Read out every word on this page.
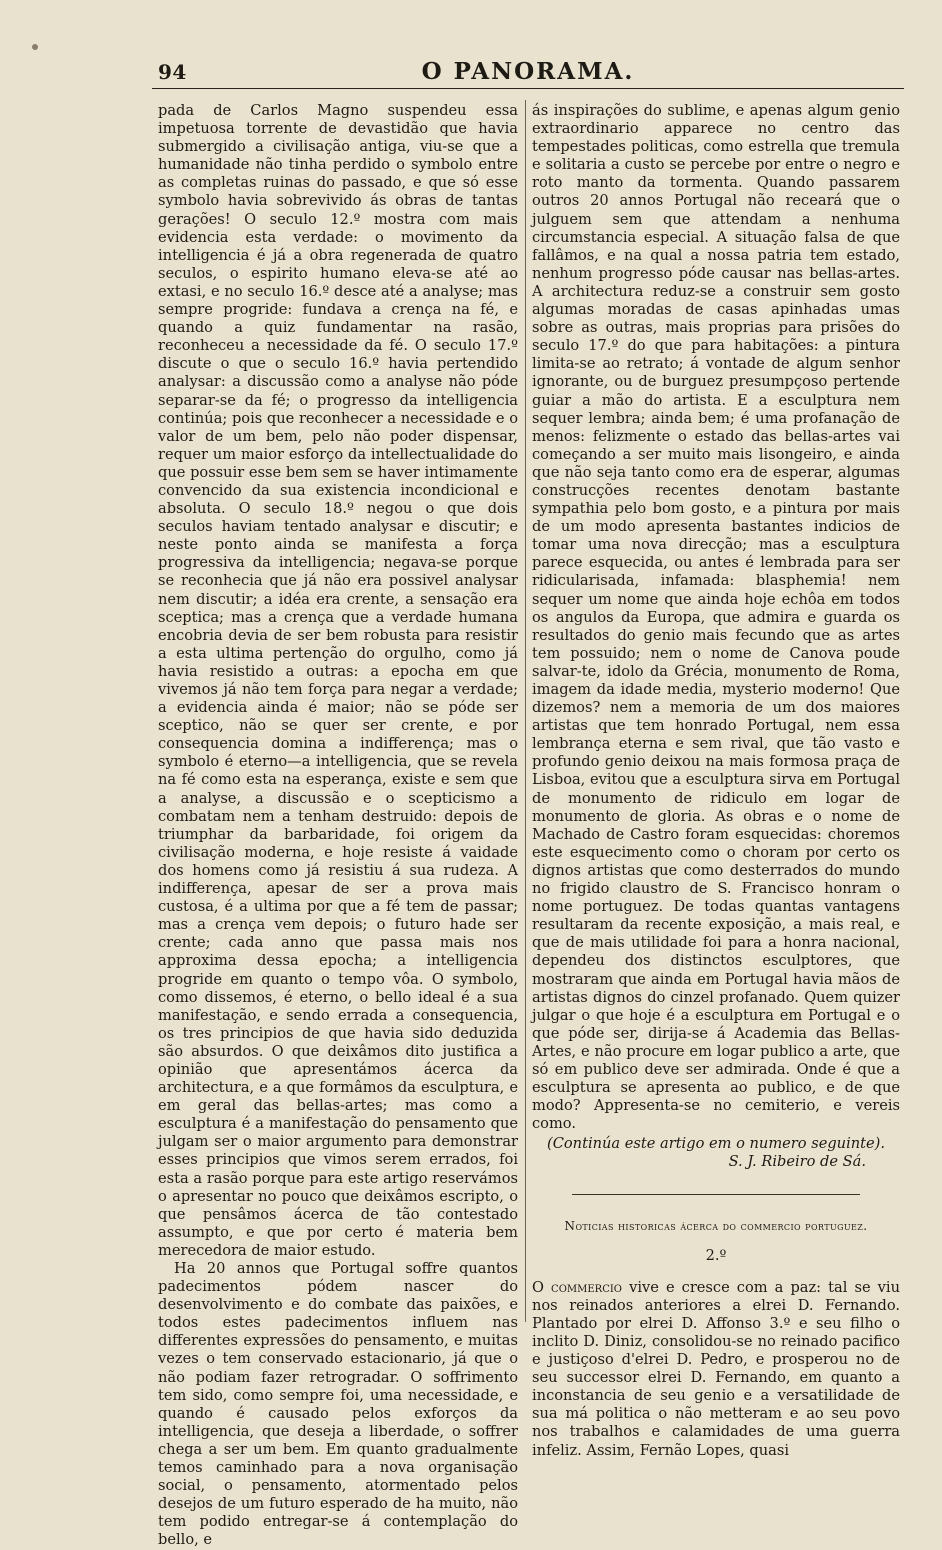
94	O PANORAMA.

pada de Carlos Magno suspendeu essa impetuosa torrente de devastidão que havia submergido a civilisação antiga, viu-se que a humanidade não tinha perdido o symbolo entre as completas ruinas do passado, e que só esse symbolo havia sobrevivido ás obras de tantas gerações! O seculo 12.º mostra com mais evidencia esta verdade: o movimento da intelligencia é já a obra regenerada de quatro seculos, o espirito humano eleva-se até ao extasi, e no seculo 16.º desce até a analyse; mas sempre progride: fundava a crença na fé, e quando a quiz fundamentar na rasão, reconheceu a necessidade da fé. O seculo 17.º discute o que o seculo 16.º havia pertendido analysar: a discussão como a analyse não póde separar-se da fé; o progresso da intelligencia continúa; pois que reconhecer a necessidade e o valor de um bem, pelo não poder dispensar, requer um maior esforço da intellectualidade do que possuir esse bem sem se haver intimamente convencido da sua existencia incondicional e absoluta. O seculo 18.º negou o que dois seculos haviam tentado analysar e discutir; e neste ponto ainda se manifesta a força progressiva da intelligencia; negava-se porque se reconhecia que já não era possivel analysar nem discutir; a idéa era crente, a sensação era sceptica; mas a crença que a verdade humana encobria devia de ser bem robusta para resistir a esta ultima pertenção do orgulho, como já havia resistido a outras: a epocha em que vivemos já não tem força para negar a verdade; a evidencia ainda é maior; não se póde ser sceptico, não se quer ser crente, e por consequencia domina a indifferença; mas o symbolo é eterno—a intelligencia, que se revela na fé como esta na esperança, existe e sem que a analyse, a discussão e o scepticismo a combatam nem a tenham destruido: depois de triumphar da barbaridade, foi origem da civilisação moderna, e hoje resiste á vaidade dos homens como já resistiu á sua rudeza. A indifferença, apesar de ser a prova mais custosa, é a ultima por que a fé tem de passar; mas a crença vem depois; o futuro hade ser crente; cada anno que passa mais nos approxima dessa epocha; a intelligencia progride em quanto o tempo vôa. O symbolo, como dissemos, é eterno, o bello ideal é a sua manifestação, e sendo errada a consequencia, os tres principios de que havia sido deduzida são absurdos. O que deixâmos dito justifica a opinião que apresentámos ácerca da architectura, e a que formâmos da esculptura, e em geral das bellas-artes; mas como a esculptura é a manifestação do pensamento que julgam ser o maior argumento para demonstrar esses principios que vimos serem errados, foi esta a rasão porque para este artigo reservámos o apresentar no pouco que deixâmos escripto, o que pensâmos ácerca de tão contestado assumpto, e que por certo é materia bem merecedora de maior estudo.

Ha 20 annos que Portugal soffre quantos padecimentos pódem nascer do desenvolvimento e do combate das paixões, e todos estes padecimentos influem nas differentes expressões do pensamento, e muitas vezes o tem conservado estacionario, já que o não podiam fazer retrogradar. O soffrimento tem sido, como sempre foi, uma necessidade, e quando é causado pelos exforços da intelligencia, que deseja a liberdade, o soffrer chega a ser um bem. Em quanto gradualmente temos caminhado para a nova organisação social, o pensamento, atormentado pelos desejos de um futuro esperado de ha muito, não tem podido entregar-se á contemplação do bello, e

ás inspirações do sublime, e apenas algum genio extraordinario apparece no centro das tempestades politicas, como estrella que tremula e solitaria a custo se percebe por entre o negro e roto manto da tormenta. Quando passarem outros 20 annos Portugal não receará que o julguem sem que attendam a nenhuma circumstancia especial. A situação falsa de que fallâmos, e na qual a nossa patria tem estado, nenhum progresso póde causar nas bellas-artes. A architectura reduz-se a construir sem gosto algumas moradas de casas apinhadas umas sobre as outras, mais proprias para prisões do seculo 17.º do que para habitações: a pintura limita-se ao retrato; á vontade de algum senhor ignorante, ou de burguez presumpçoso pertende guiar a mão do artista. E a esculptura nem sequer lembra; ainda bem; é uma profanação de menos: felizmente o estado das bellas-artes vai começando a ser muito mais lisongeiro, e ainda que não seja tanto como era de esperar, algumas construcções recentes denotam bastante sympathia pelo bom gosto, e a pintura por mais de um modo apresenta bastantes indicios de tomar uma nova direcção; mas a esculptura parece esquecida, ou antes é lembrada para ser ridicularisada, infamada: blasphemia! nem sequer um nome que ainda hoje echôa em todos os angulos da Europa, que admira e guarda os resultados do genio mais fecundo que as artes tem possuido; nem o nome de Canova poude salvar-te, idolo da Grécia, monumento de Roma, imagem da idade media, mysterio moderno! Que dizemos? nem a memoria de um dos maiores artistas que tem honrado Portugal, nem essa lembrança eterna e sem rival, que tão vasto e profundo genio deixou na mais formosa praça de Lisboa, evitou que a esculptura sirva em Portugal de monumento de ridiculo em logar de monumento de gloria. As obras e o nome de Machado de Castro foram esquecidas: choremos este esquecimento como o choram por certo os dignos artistas que como desterrados do mundo no frigido claustro de S. Francisco honram o nome portuguez. De todas quantas vantagens resultaram da recente exposição, a mais real, e que de mais utilidade foi para a honra nacional, dependeu dos distinctos esculptores, que mostraram que ainda em Portugal havia mãos de artistas dignos do cinzel profanado. Quem quizer julgar o que hoje é a esculptura em Portugal e o que póde ser, dirija-se á Academia das Bellas-Artes, e não procure em logar publico a arte, que só em publico deve ser admirada. Onde é que a esculptura se apresenta ao publico, e de que modo? Appresenta-se no cemiterio, e vereis como.

(Continúa este artigo em o numero seguinte).

S. J. Ribeiro de Sá.

Noticias historicas ácerca do commercio portuguez.

2.º

O commercio vive e cresce com a paz: tal se viu nos reinados anteriores a elrei D. Fernando. Plantado por elrei D. Affonso 3.º e seu filho o inclito D. Diniz, consolidou-se no reinado pacifico e justiçoso d'elrei D. Pedro, e prosperou no de seu successor elrei D. Fernando, em quanto a inconstancia de seu genio e a versatilidade de sua má politica o não metteram e ao seu povo nos trabalhos e calamidades de uma guerra infeliz. Assim, Fernão Lopes, quasi
